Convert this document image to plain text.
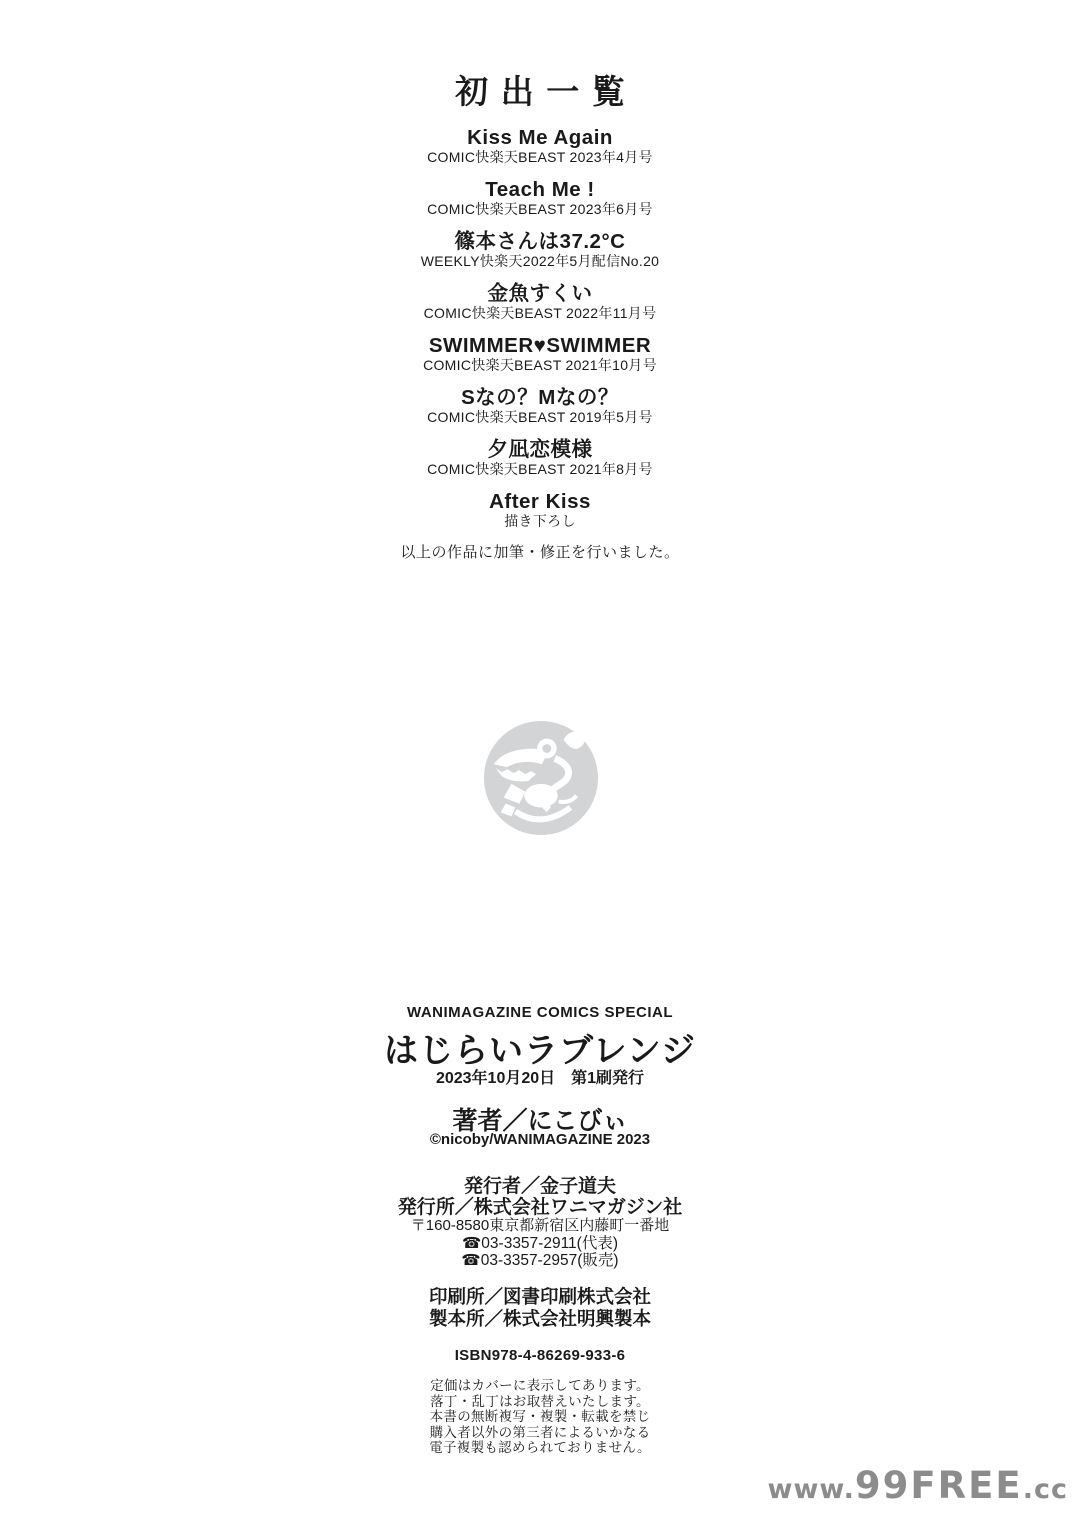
初出一覧
Kiss Me Again
COMIC快楽天BEAST 2023年4月号
Teach Me !
COMIC快楽天BEAST 2023年6月号
篠本さんは37.2°C
WEEKLY快楽天2022年5月配信No.20
金魚すくい
COMIC快楽天BEAST 2022年11月号
SWIMMER♥SWIMMER
COMIC快楽天BEAST 2021年10月号
Sなの？Mなの？
COMIC快楽天BEAST 2019年5月号
夕凪恋模様
COMIC快楽天BEAST 2021年8月号
After Kiss
描き下ろし
以上の作品に加筆・修正を行いました。
WANIMAGAZINE COMICS SPECIAL
はじらいラブレンジ
2023年10月20日　第1刷発行
著者／にこびぃ
©nicoby/WANIMAGAZINE 2023
発行者／金子道夫
発行所／株式会社ワニマガジン社
〒160-8580東京都新宿区内藤町一番地
☎03-3357-2911(代表)
☎03-3357-2957(販売)
印刷所／図書印刷株式会社
製本所／株式会社明興製本
ISBN978-4-86269-933-6
定価はカバーに表示してあります。
落丁・乱丁はお取替えいたします。
本書の無断複写・複製・転載を禁じ
購入者以外の第三者によるいかなる
電子複製も認められておりません。
www.99FREE.cc
